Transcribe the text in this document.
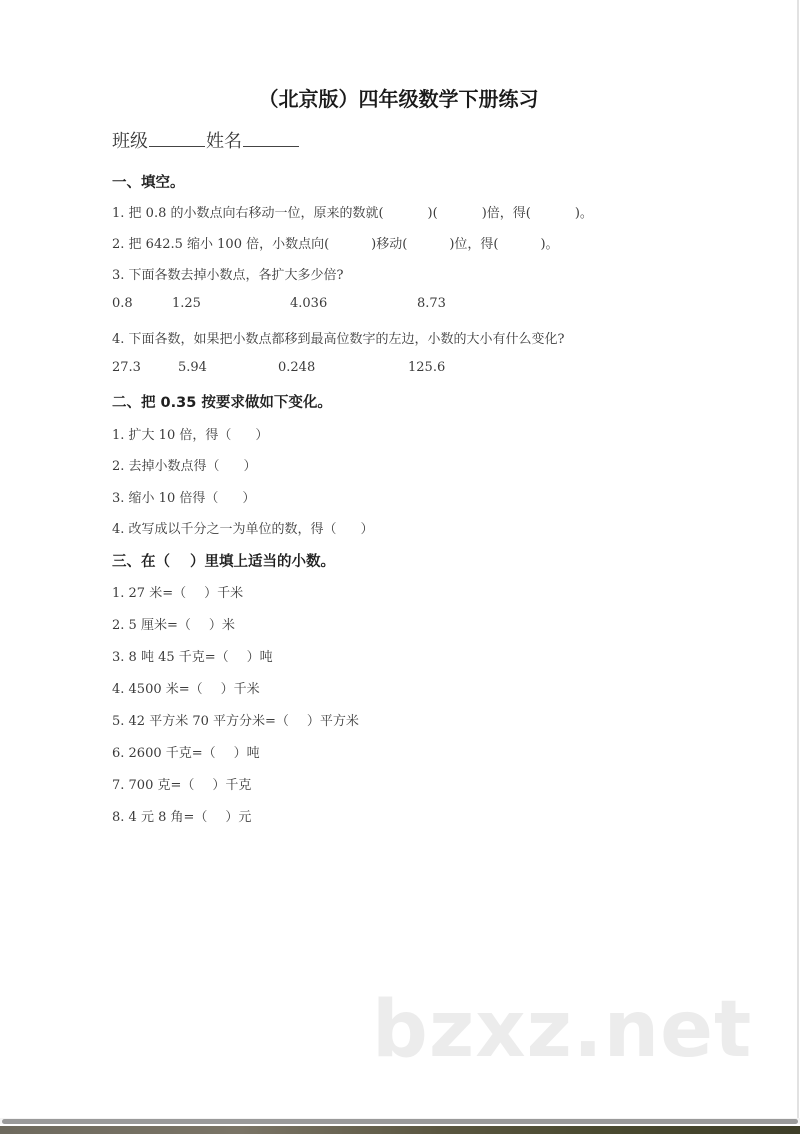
（北京版）四年级数学下册练习
班级	姓名
一、填空。
1. 把 0.8 的小数点向右移动一位，原来的数就(	)(	)倍，得(	)。
2. 把 642.5 缩小 100 倍，小数点向(	)移动(	)位，得(	)。
3. 下面各数去掉小数点，各扩大多少倍?
0.8	1.25	4.036	8.73
4. 下面各数，如果把小数点都移到最高位数字的左边，小数的大小有什么变化?
27.3	5.94	0.248	125.6
二、把 0.35 按要求做如下变化。
1. 扩大 10 倍，得（ ）
2. 去掉小数点得（ ）
3. 缩小 10 倍得（ ）
4. 改写成以千分之一为单位的数，得（ ）
三、在（ ）里填上适当的小数。
1. 27 米=（ ）千米
2. 5 厘米=（ ）米
3. 8 吨 45 千克=（ ）吨
4. 4500 米=（ ）千米
5. 42 平方米 70 平方分米=（ ）平方米
6. 2600 千克=（ ）吨
7. 700 克=（ ）千克
8. 4 元 8 角=（ ）元
bzxz.net
